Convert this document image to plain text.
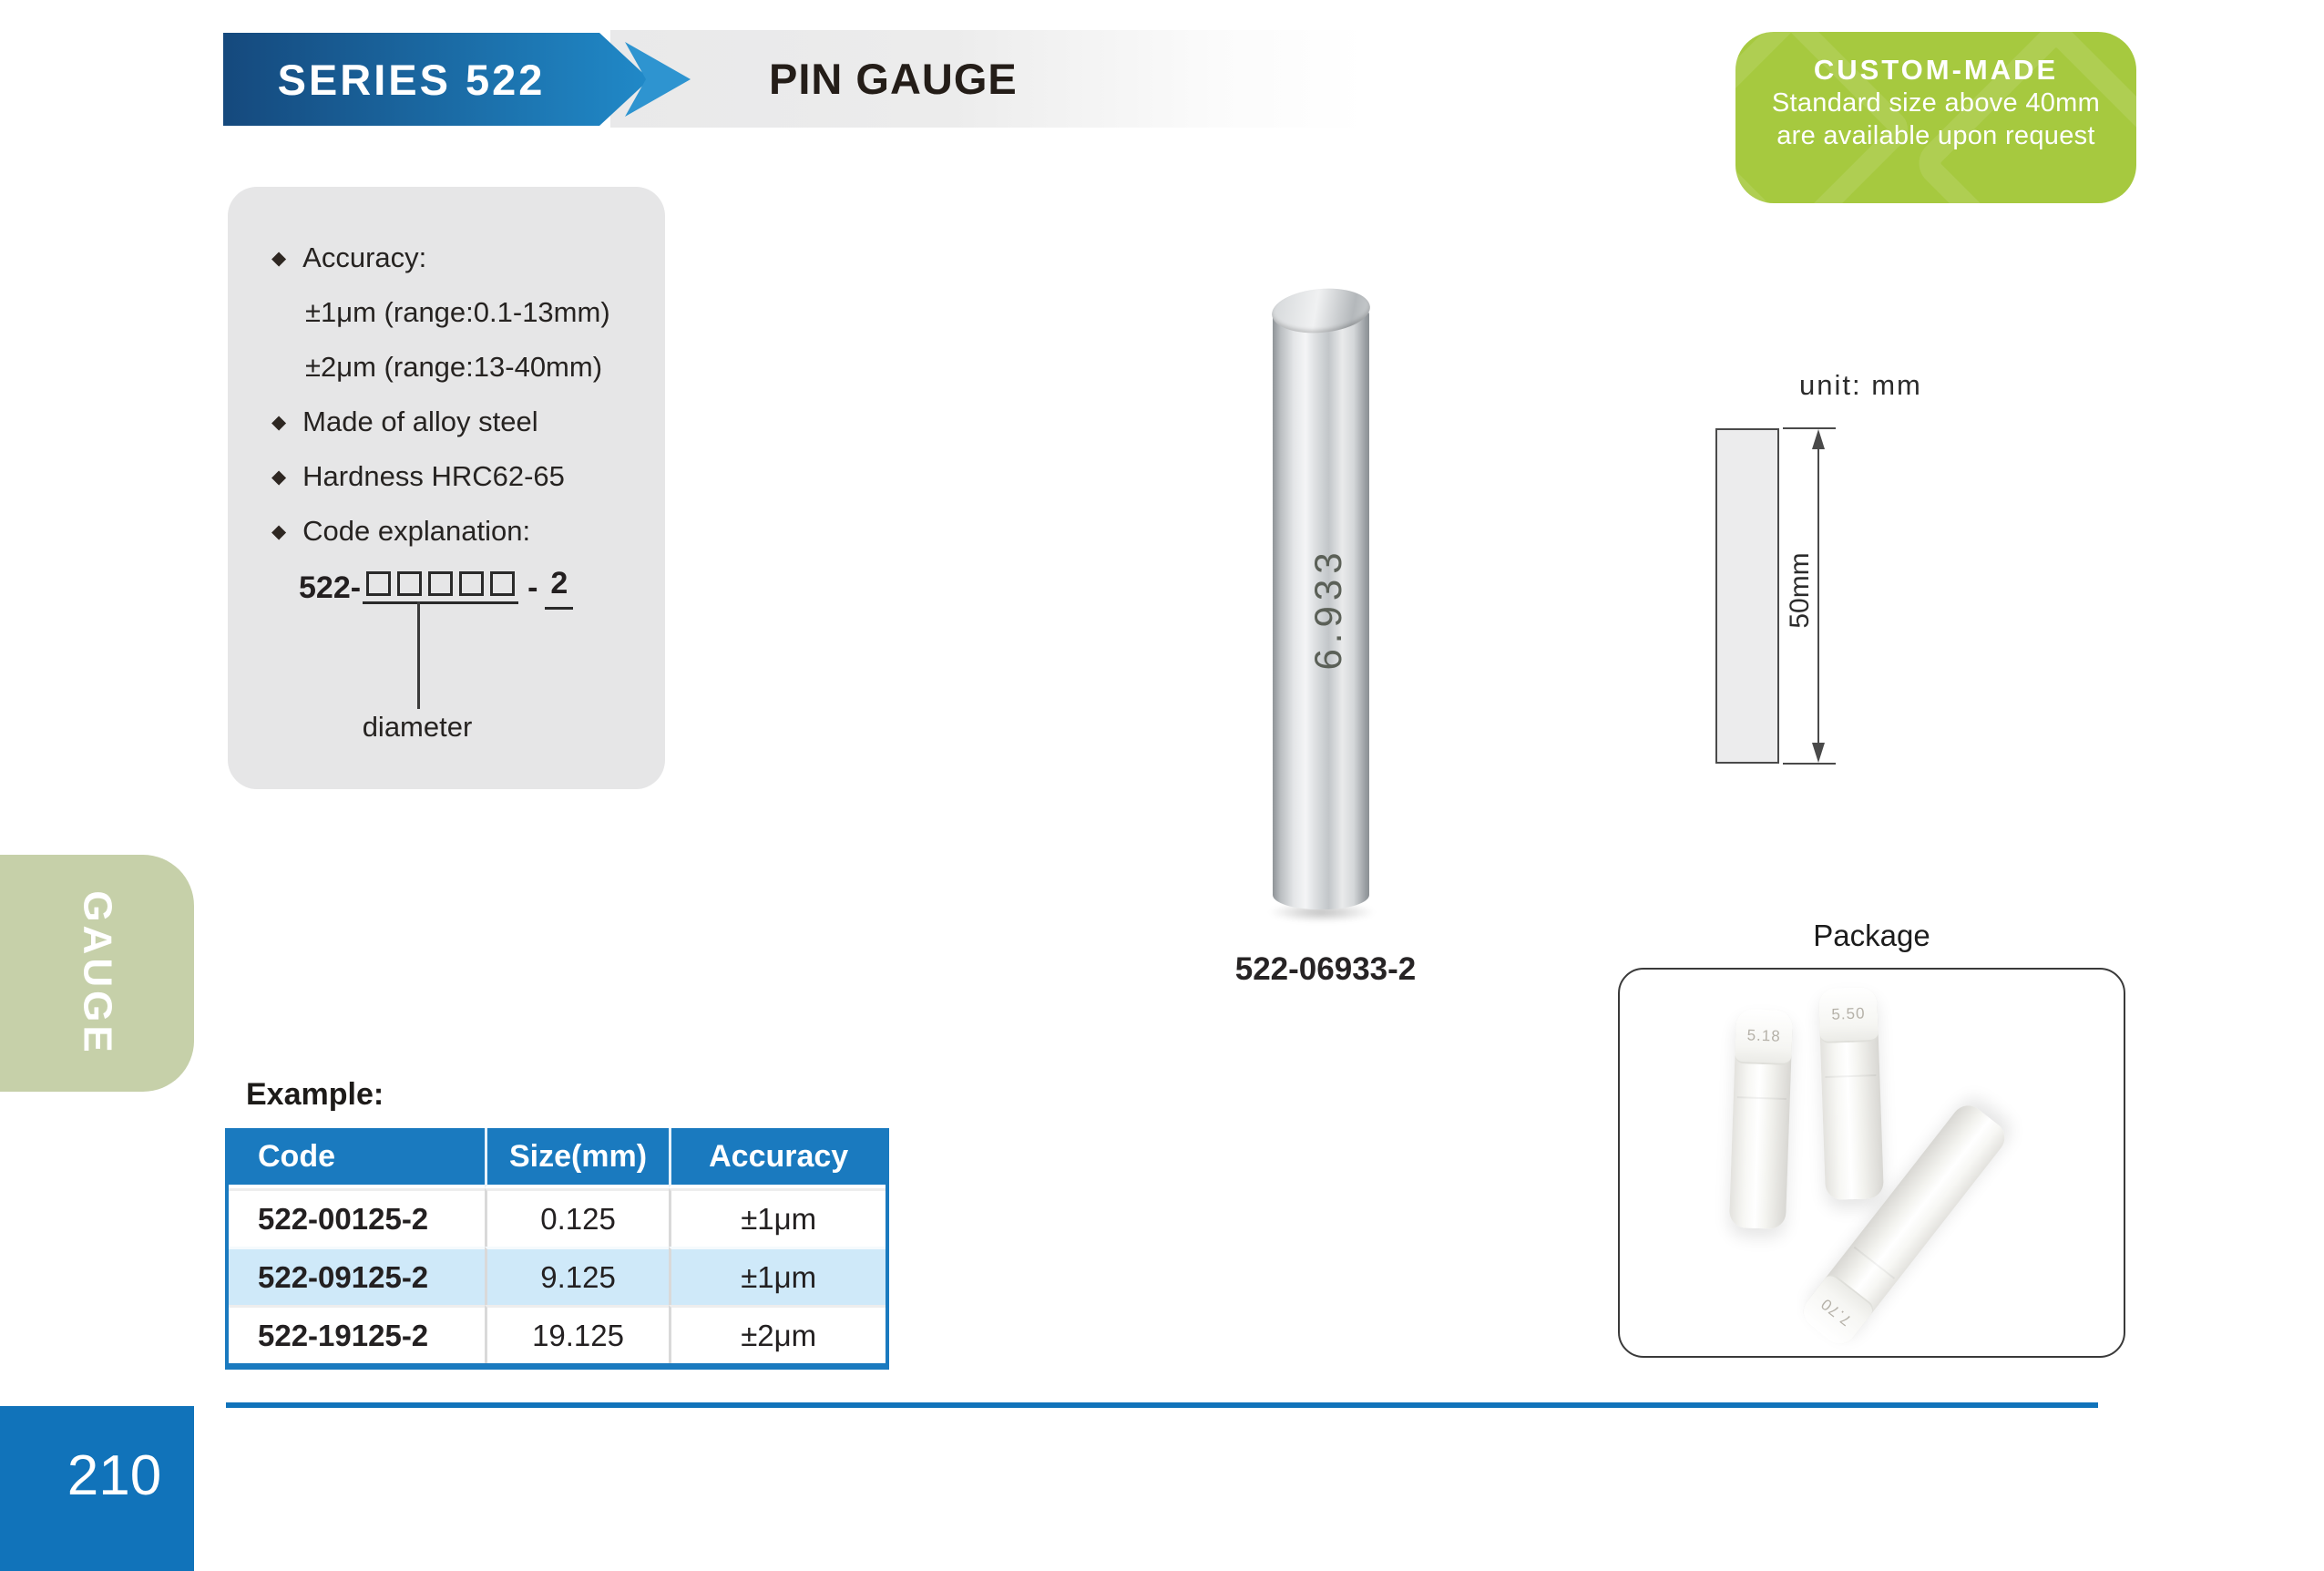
SERIES 522	PIN GAUGE	CUSTOM-MADE
Standard size above 40mm
are available upon request
◆ Accuracy:
±1μm (range:0.1-13mm)
±2μm (range:13-40mm)
◆ Made of alloy steel
◆ Hardness HRC62-65
◆ Code explanation:
522-	- 2
diameter
6.933
522-06933-2
unit: mm
50mm
Package
5.18
5.50
7.70
Example:
Code	Size(mm)	Accuracy
522-00125-2	0.125	±1μm
522-09125-2	9.125	±1μm
522-19125-2	19.125	±2μm
GAUGE
210
